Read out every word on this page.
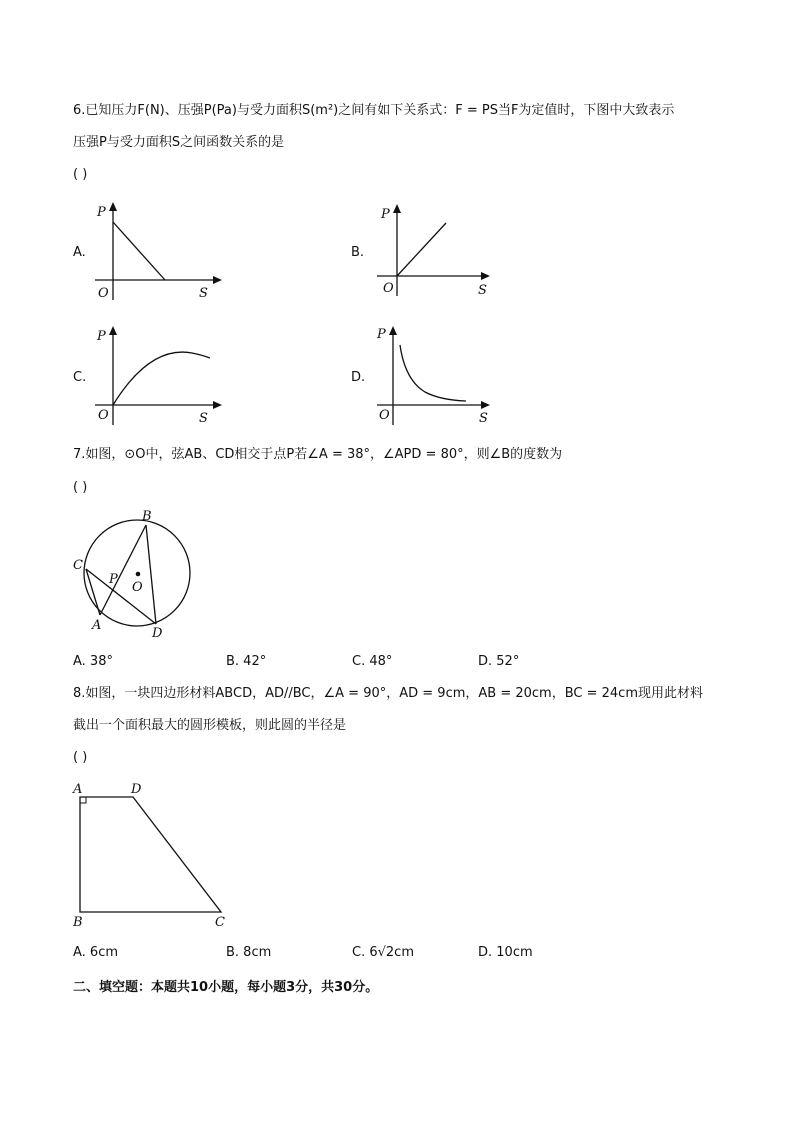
6.已知压力F(N)、压强P(Pa)与受力面积S(m²)之间有如下关系式：F = PS当F为定值时，下图中大致表示
压强P与受力面积S之间函数关系的是
( )
A.
P
S
O
B.
P
S
O
C.
P
S
O
D.
P
S
O
7.如图，⊙O中，弦AB、CD相交于点P若∠A = 38°，∠APD = 80°，则∠B的度数为
( )
B
C
P
O
A
D
A. 38°	B. 42°	C. 48°	D. 52°
8.如图，一块四边形材料ABCD，AD//BC，∠A = 90°，AD = 9cm，AB = 20cm，BC = 24cm现用此材料
截出一个面积最大的圆形模板，则此圆的半径是
( )
A	D
B	C
A. 6cm	B. 8cm	C. 6√2cm	D. 10cm
二、填空题：本题共10小题，每小题3分，共30分。
